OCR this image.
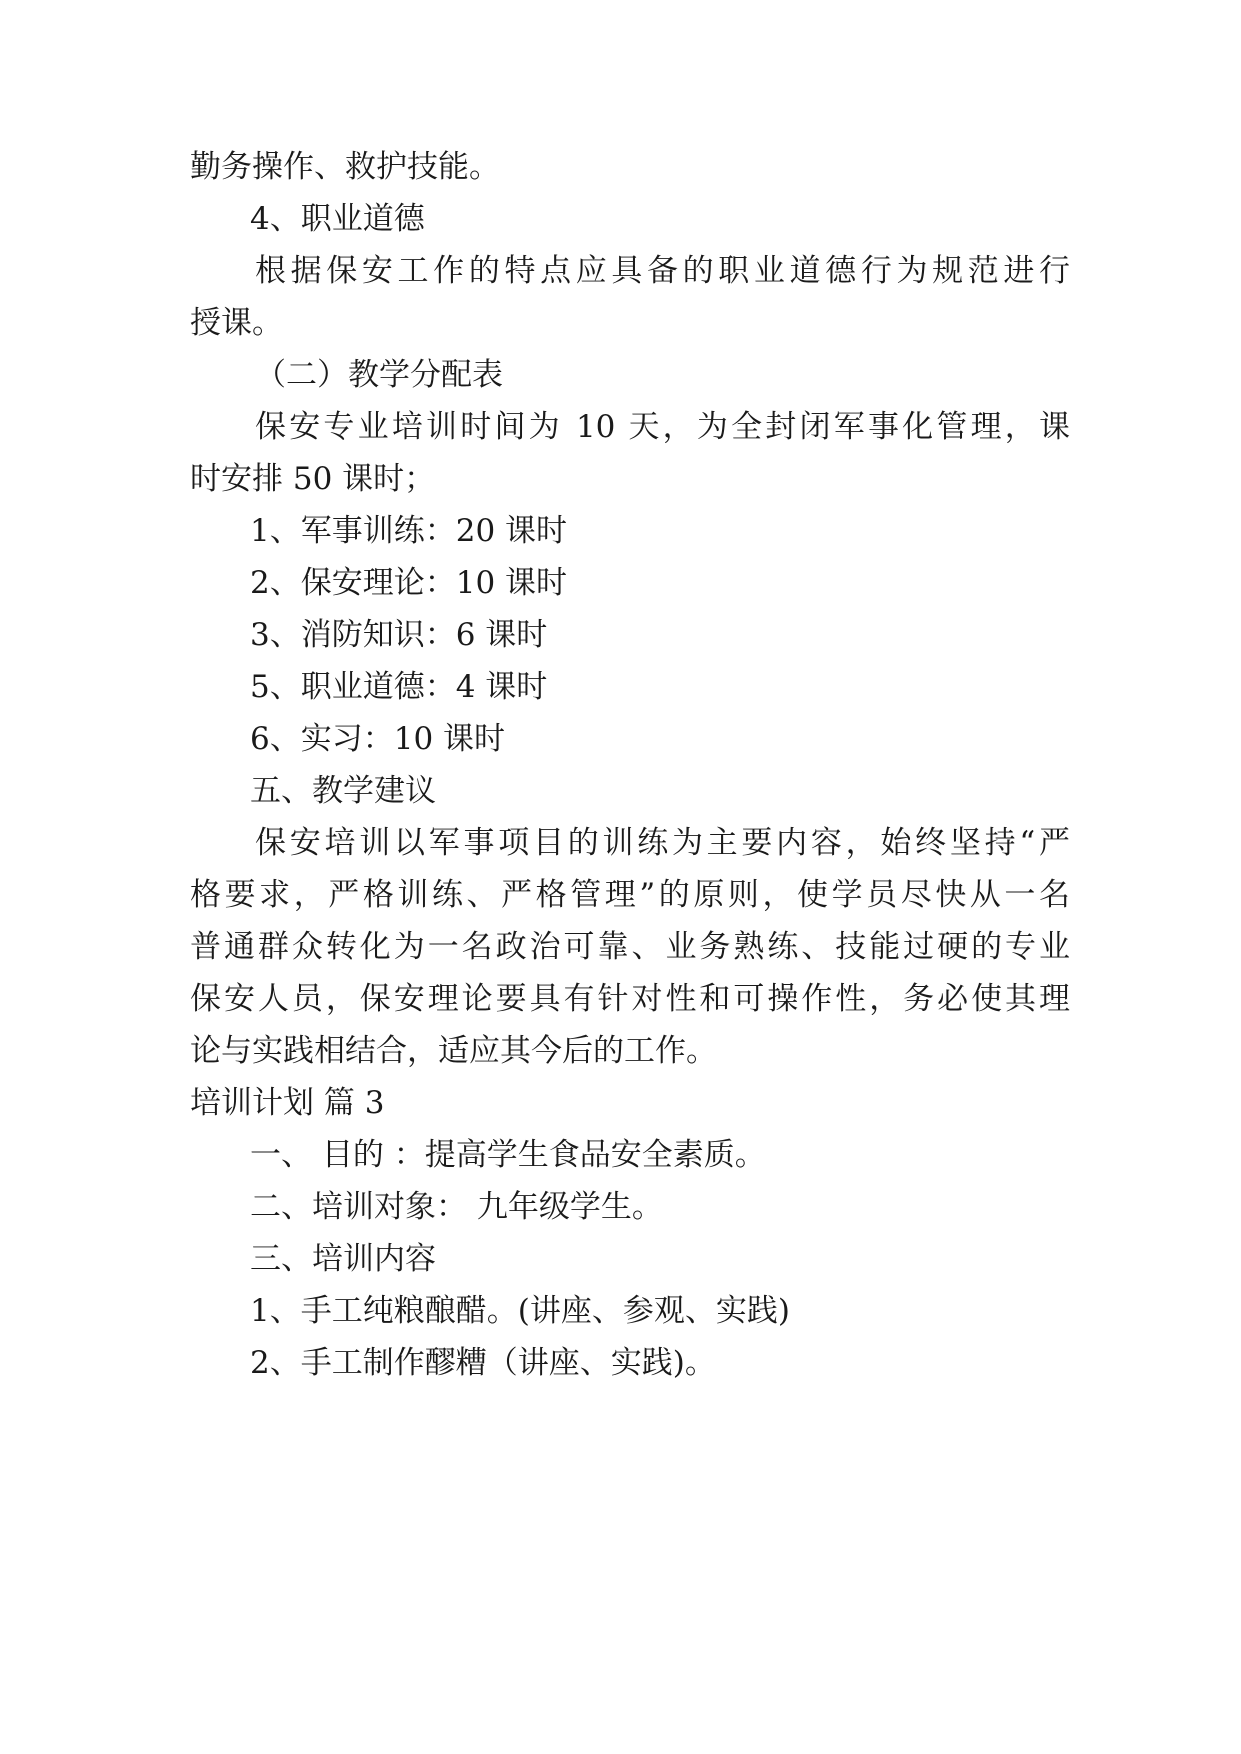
勤务操作、救护技能。
4、职业道德
根据保安工作的特点应具备的职业道德行为规范进行
授课。
（二）教学分配表
保安专业培训时间为 10 天，为全封闭军事化管理，课
时安排 50 课时；
1、军事训练：20 课时
2、保安理论：10 课时
3、消防知识：6 课时
5、职业道德：4 课时
6、实习：10 课时
五、教学建议
保安培训以军事项目的训练为主要内容，始终坚持“严
格要求，严格训练、严格管理”的原则，使学员尽快从一名
普通群众转化为一名政治可靠、业务熟练、技能过硬的专业
保安人员，保安理论要具有针对性和可操作性，务必使其理
论与实践相结合，适应其今后的工作。
培训计划 篇 3
一、 目的 ：提高学生食品安全素质。
二、培训对象： 九年级学生。
三、培训内容
1、手工纯粮酿醋。(讲座、参观、实践)
2、手工制作醪糟（讲座、实践)。
